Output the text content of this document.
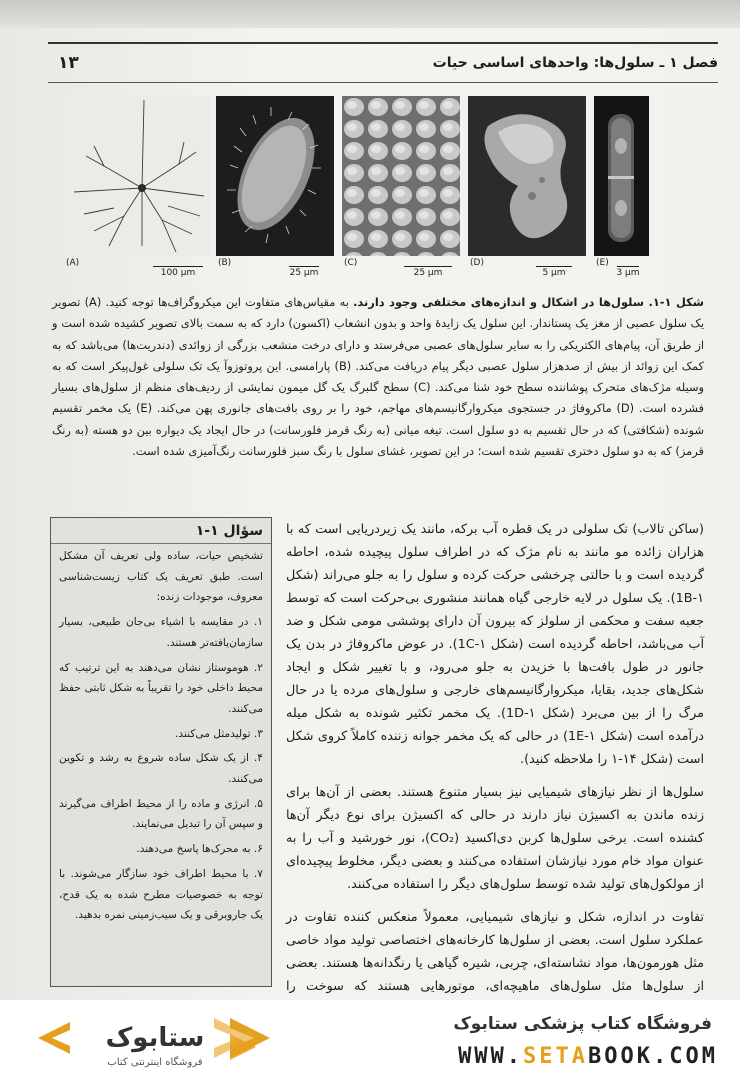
فصل ۱ ـ سلول‌ها: واحدهای اساسی حیات
۱۳
(A)
100 μm
(B)
25 μm
(C)
25 μm
(D)
5 μm
(E)
3 μm
شکل ۱-۱. سلول‌ها در اشکال و اندازه‌های مختلفی وجود دارند. به مقیاس‌های متفاوت این میکروگراف‌ها توجه کنید. (A) تصویر یک سلول عصبی از مغز یک پستاندار. این سلول یک زایدهٔ واحد و بدون انشعاب (اکسون) دارد که به سمت بالای تصویر کشیده شده است و از طریق آن، پیام‌های الکتریکی را به سایر سلول‌های عصبی می‌فرستد و دارای درخت منشعب بزرگی از زوائدی (دندریت‌ها) می‌باشد که به کمک این زوائد از بیش از صدهزار سلول عصبی دیگر پیام دریافت می‌کند. (B) پارامسی. این پروتوزوآ یک تک سلولی غول‌پیکر است که به وسیله مژک‌های متحرک پوشاننده سطح خود شنا می‌کند. (C) سطح گلبرگ یک گل میمون نمایشی از ردیف‌های منظم از سلول‌های بسیار فشرده است. (D) ماکروفاژ در جستجوی میکروارگانیسم‌های مهاجم، خود را بر روی بافت‌های جانوری پهن می‌کند. (E) یک مخمر تقسیم شونده (شکافتی) که در حال تقسیم به دو سلول است. تیغه میانی (به رنگ قرمز فلورسانت) در حال ایجاد یک دیواره بین دو هسته (به رنگ قرمز) که به دو سلول دختری تقسیم شده است؛ در این تصویر، غشای سلول با رنگ سبز فلورسانت رنگ‌آمیزی شده است.

(ساکن تالاب) تک سلولی در یک قطره آب برکه، مانند یک زیردریایی است که با هزاران زائده مو مانند به نام مژک که در اطراف سلول پیچیده شده، احاطه گردیده است و با حالتی چرخشی حرکت کرده و سلول را به جلو می‌راند (شکل 1B-۱). یک سلول در لایه خارجی گیاه همانند منشوری بی‌حرکت است که توسط جعبه سفت و محکمی از سلولز که بیرون آن دارای پوششی مومی شکل و ضد آب می‌باشد، احاطه گردیده است (شکل 1C-۱). در عوض ماکروفاژ در بدن یک جانور در طول بافت‌ها با خزیدن به جلو می‌رود، و با تغییر شکل و ایجاد شکل‌های جدید، بقایا، میکروارگانیسم‌های خارجی و سلول‌های مرده یا در حال مرگ را از بین می‌برد (شکل 1D-۱). یک مخمر تکثیر شونده به شکل میله درآمده است (شکل 1E-۱) در حالی که یک مخمر جوانه زننده کاملاً کروی شکل است (شکل ۱۴-۱ را ملاحظه کنید).

سلول‌ها از نظر نیازهای شیمیایی نیز بسیار متنوع هستند. بعضی از آن‌ها برای زنده ماندن به اکسیژن نیاز دارند در حالی که اکسیژن برای نوع دیگر آن‌ها کشنده است. برخی سلول‌ها کربن دی‌اکسید (CO₂)، نور خورشید و آب را به عنوان مواد خام مورد نیازشان استفاده می‌کنند و بعضی دیگر، مخلوط پیچیده‌ای از مولکول‌های تولید شده توسط سلول‌های دیگر را استفاده می‌کنند.

تفاوت در اندازه، شکل و نیازهای شیمیایی، معمولاً منعکس کننده تفاوت در عملکرد سلول است. بعضی از سلول‌ها کارخانه‌های اختصاصی تولید مواد خاصی مثل هورمون‌ها، مواد نشاسته‌ای، چربی، شیره گیاهی یا رنگدانه‌ها هستند. بعضی از سلول‌ها مثل سلول‌های ماهیچه‌ای، موتورهایی هستند که سوخت را

سؤال ۱-۱
تشخیص حیات، ساده ولی تعریف آن مشکل است. طبق تعریف یک کتاب زیست‌شناسی معروف، موجودات زنده:
۱. در مقایسه با اشیاء بی‌جان طبیعی، بسیار سازمان‌یافته‌تر هستند.
۲. هوموستاز نشان می‌دهند به این ترتیب که محیط داخلی خود را تقریباً به شکل ثابتی حفظ می‌کنند.
۳. تولیدمثل می‌کنند.
۴. از یک شکل ساده شروع به رشد و تکوین می‌کنند.
۵. انرژی و ماده را از محیط اطراف می‌گیرند و سپس آن را تبدیل می‌نمایند.
۶. به محرک‌ها پاسخ می‌دهند.
۷. با محیط اطراف خود سازگار می‌شوند. با توجه به خصوصیات مطرح شده به یک قدح، یک جاروبرقی و یک سیب‌زمینی نمره بدهید.
ستابوک
فروشگاه اینترنتی کتاب
فروشگاه کتاب پزشکی ستابوک
WWW.SETABOOK.COM
